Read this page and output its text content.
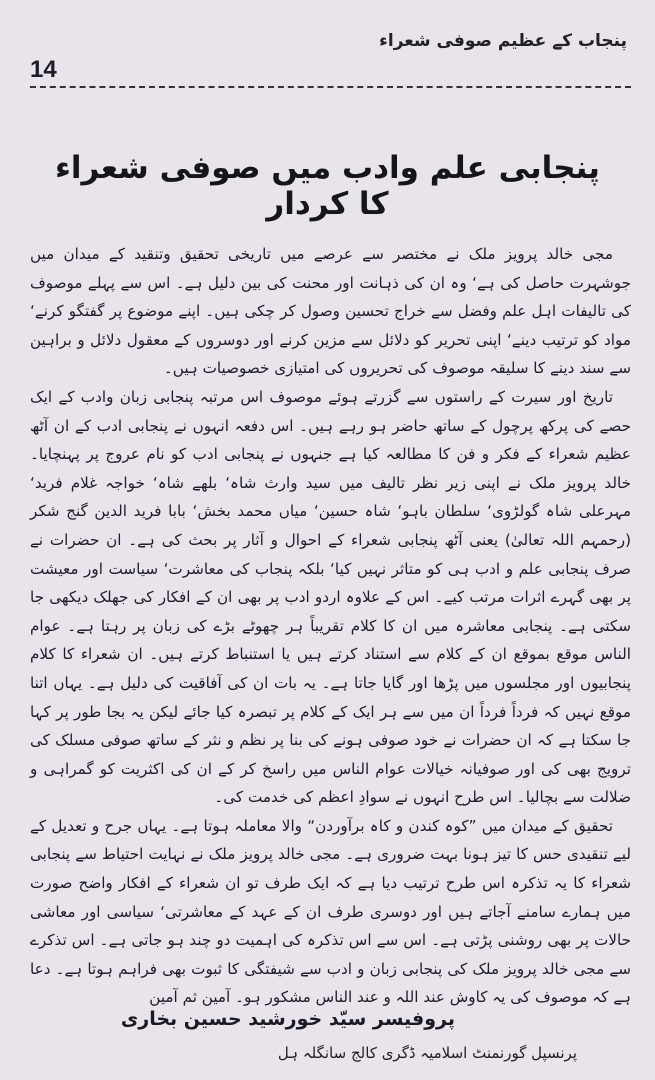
پنجاب کے عظیم صوفی شعراء
14
پنجابی علم وادب میں صوفی شعراء کا کردار

مجی خالد پرویز ملک نے مختصر سے عرصے میں تاریخی تحقیق وتنقید کے میدان میں جوشہرت حاصل کی ہے‘ وہ ان کی ذہانت اور محنت کی بین دلیل ہے۔ اس سے پہلے موصوف کی تالیفات اہل علم وفضل سے خراج تحسین وصول کر چکی ہیں۔ اپنے موضوع پر گفتگو کرنے‘ مواد کو ترتیب دینے‘ اپنی تحریر کو دلائل سے مزین کرنے اور دوسروں کے معقول دلائل و براہین سے سند دینے کا سلیقہ موصوف کی تحریروں کی امتیازی خصوصیات ہیں۔

تاریخ اور سیرت کے راستوں سے گزرتے ہوئے موصوف اس مرتبہ پنجابی زبان وادب کے ایک حصے کی پرکھ پرچول کے ساتھ حاضر ہو رہے ہیں۔ اس دفعہ انہوں نے پنجابی ادب کے ان آٹھ عظیم شعراء کے فکر و فن کا مطالعہ کیا ہے جنہوں نے پنجابی ادب کو نام عروج پر پہنچایا۔ خالد پرویز ملک نے اپنی زیر نظر تالیف میں سید وارث شاہ‘ بلھے شاہ‘ خواجہ غلام فرید‘ مہرعلی شاہ گولڑوی‘ سلطان باہو‘ شاہ حسین‘ میاں محمد بخش‘ بابا فرید الدین گنج شکر (رحمہم اللہ تعالیٰ) یعنی آٹھ پنجابی شعراء کے احوال و آثار پر بحث کی ہے۔ ان حضرات نے صرف پنجابی علم و ادب ہی کو متاثر نہیں کیا‘ بلکہ پنجاب کی معاشرت‘ سیاست اور معیشت پر بھی گہرے اثرات مرتب کیے۔ اس کے علاوہ اردو ادب پر بھی ان کے افکار کی جھلک دیکھی جا سکتی ہے۔ پنجابی معاشرہ میں ان کا کلام تقریباً ہر چھوٹے بڑے کی زبان پر رہتا ہے۔ عوام الناس موقع بموقع ان کے کلام سے استناد کرتے ہیں یا استنباط کرتے ہیں۔ ان شعراء کا کلام پنجابیوں اور مجلسوں میں پڑھا اور گایا جاتا ہے۔ یہ بات ان کی آفاقیت کی دلیل ہے۔ یہاں اتنا موقع نہیں کہ فرداً فرداً ان میں سے ہر ایک کے کلام پر تبصرہ کیا جائے لیکن یہ بجا طور پر کہا جا سکتا ہے کہ ان حضرات نے خود صوفی ہونے کی بنا پر نظم و نثر کے ساتھ صوفی مسلک کی ترویج بھی کی اور صوفیانہ خیالات عوام الناس میں راسخ کر کے ان کی اکثریت کو گمراہی و ضلالت سے بچالیا۔ اس طرح انہوں نے سوادِ اعظم کی خدمت کی۔

تحقیق کے میدان میں ”کوہ کندن و کاہ برآوردن“ والا معاملہ ہوتا ہے۔ یہاں جرح و تعدیل کے لیے تنقیدی حس کا تیز ہونا بہت ضروری ہے۔ مجی خالد پرویز ملک نے نہایت احتیاط سے پنجابی شعراء کا یہ تذکرہ اس طرح ترتیب دیا ہے کہ ایک طرف تو ان شعراء کے افکار واضح صورت میں ہمارے سامنے آجاتے ہیں اور دوسری طرف ان کے عہد کے معاشرتی‘ سیاسی اور معاشی حالات پر بھی روشنی پڑتی ہے۔ اس سے اس تذکرہ کی اہمیت دو چند ہو جاتی ہے۔ اس تذکرے سے مجی خالد پرویز ملک کی پنجابی زبان و ادب سے شیفتگی کا ثبوت بھی فراہم ہوتا ہے۔ دعا ہے کہ موصوف کی یہ کاوش عند اللہ و عند الناس مشکور ہو۔ آمین ثم آمین

پروفیسر سیّد خورشید حسین بخاری
پرنسپل گورنمنٹ اسلامیہ ڈگری کالج سانگلہ ہل
